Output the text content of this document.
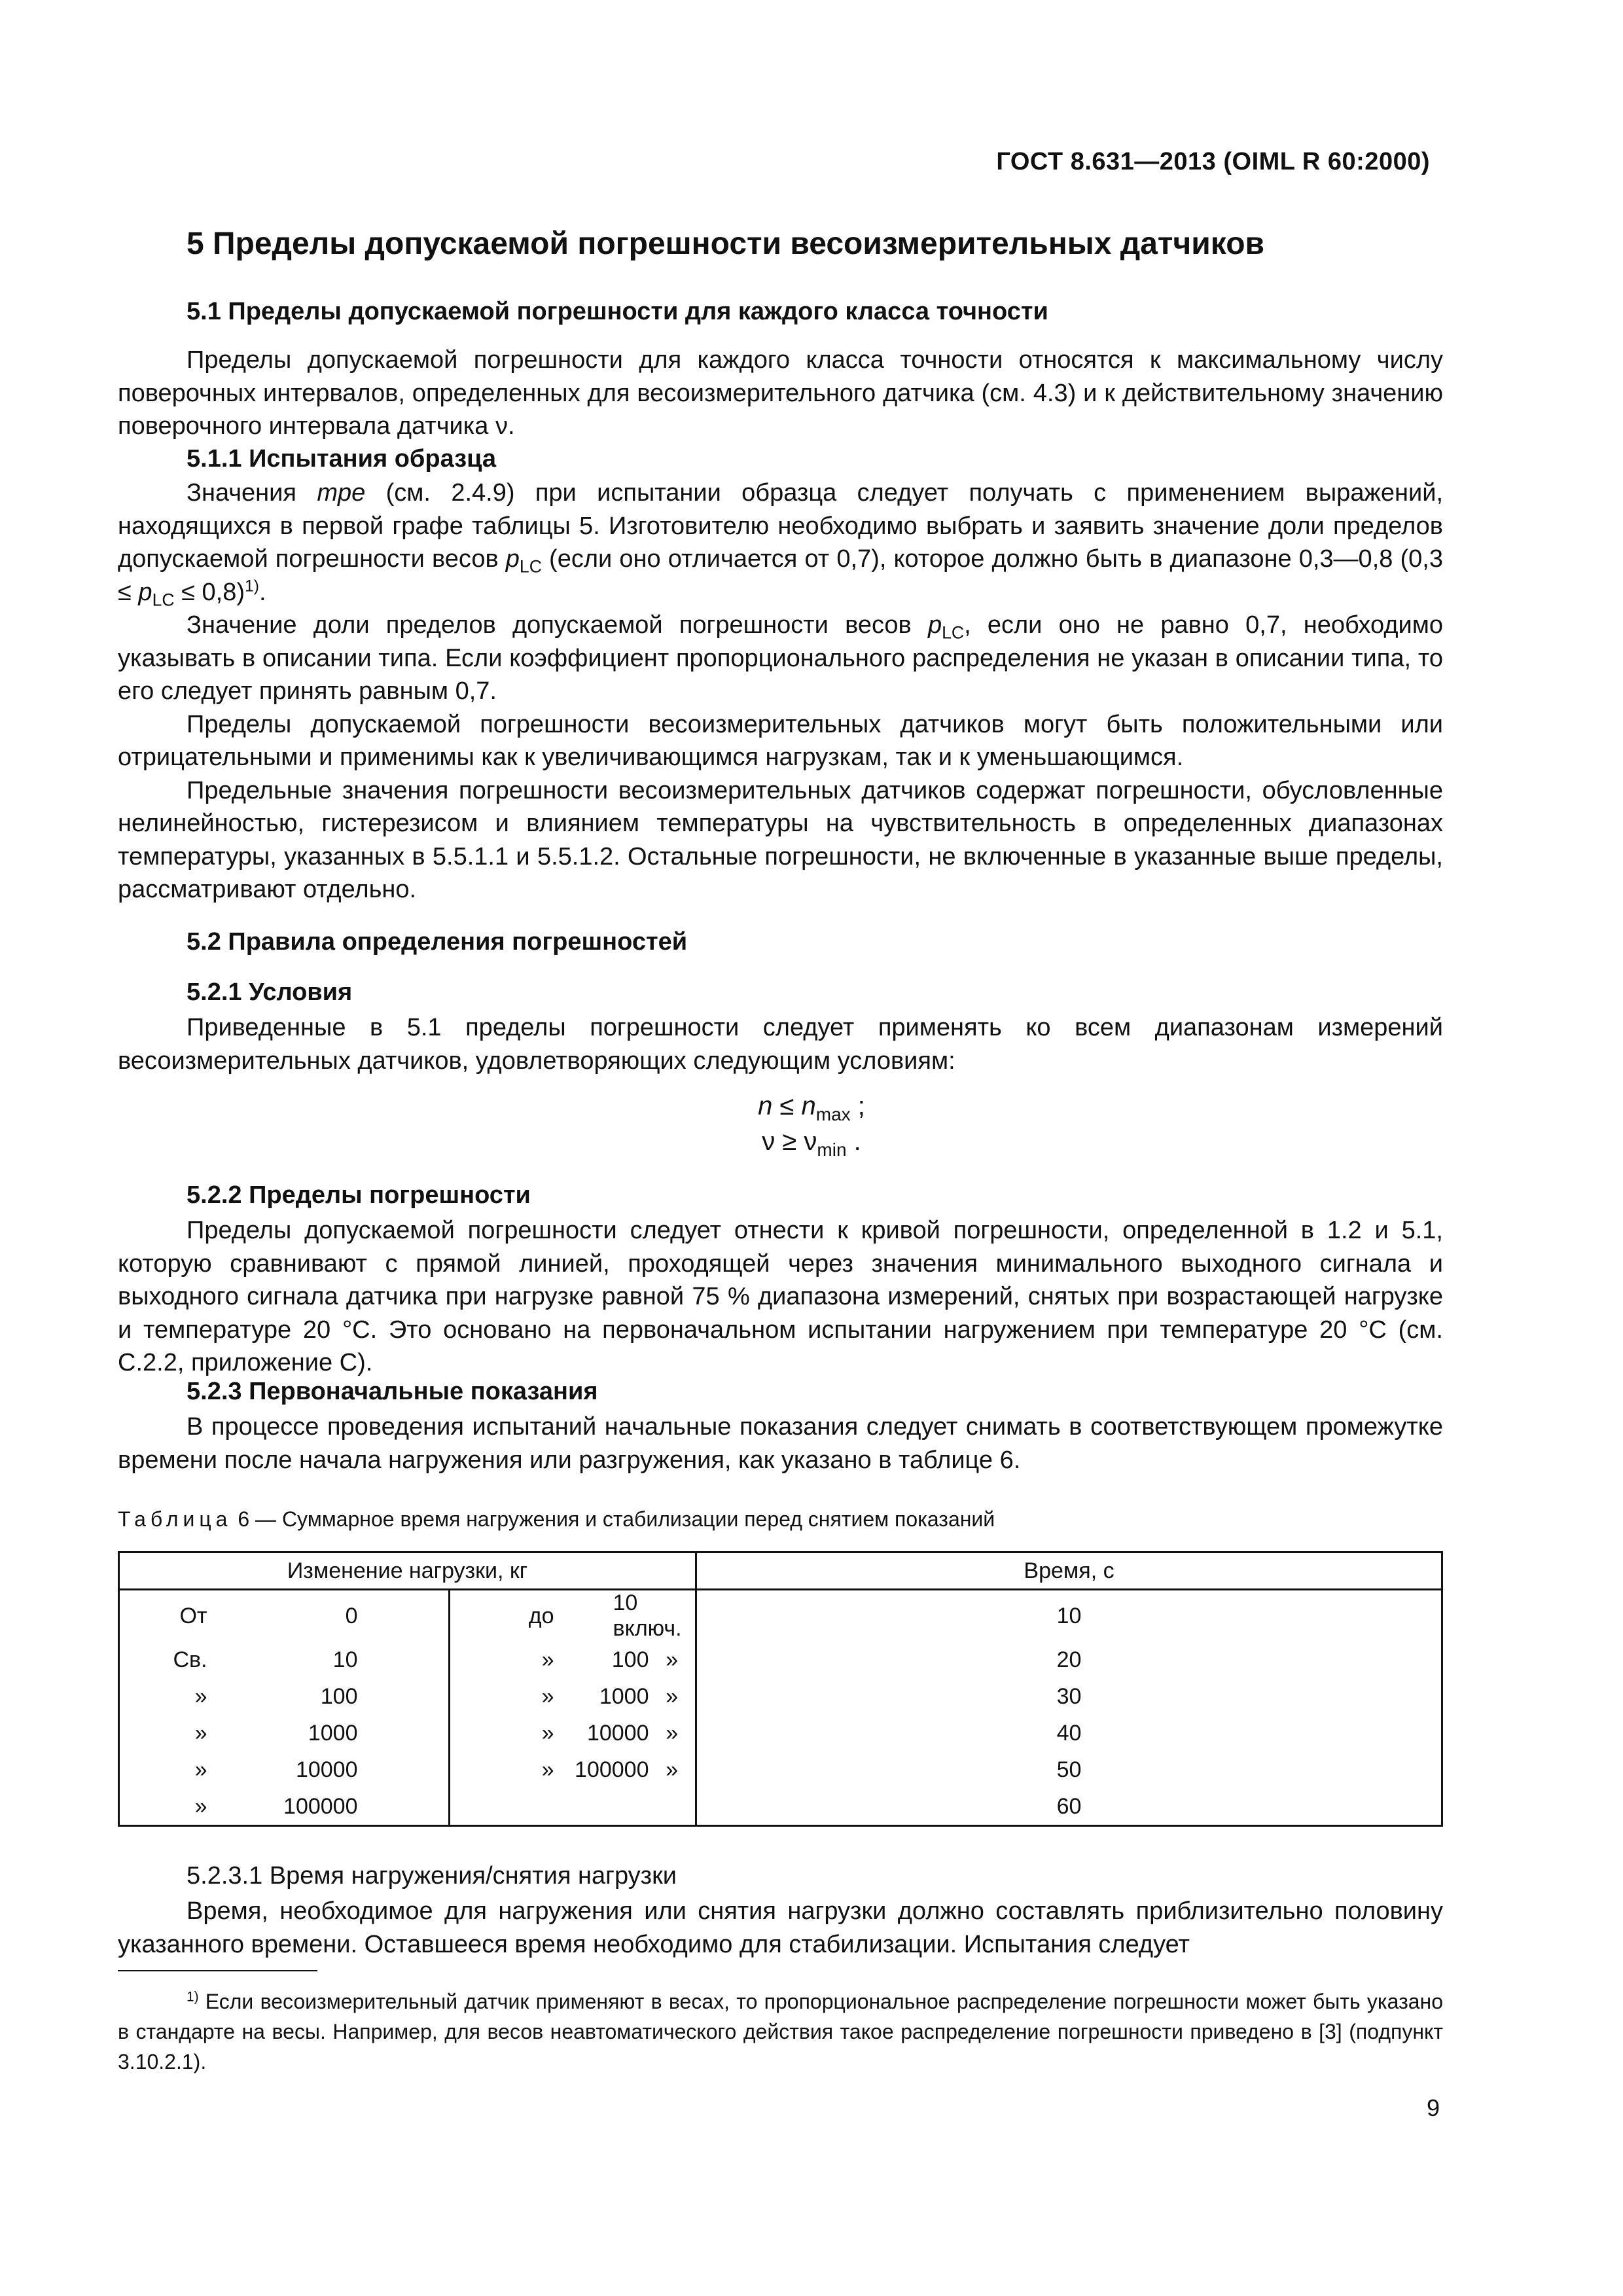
ГОСТ 8.631—2013 (OIML R 60:2000)
5 Пределы допускаемой погрешности весоизмерительных датчиков
5.1 Пределы допускаемой погрешности для каждого класса точности

Пределы допускаемой погрешности для каждого класса точности относятся к максимальному числу поверочных интервалов, определенных для весоизмерительного датчика (см. 4.3) и к действительному значению поверочного интервала датчика ν.

5.1.1 Испытания образца

Значения mpe (см. 2.4.9) при испытании образца следует получать с применением выражений, находящихся в первой графе таблицы 5. Изготовителю необходимо выбрать и заявить значение доли пределов допускаемой погрешности весов $p_{LC}$ (если оно отличается от 0,7), которое должно быть в диапазоне 0,3—0,8 $(0,3 \le p_{LC} \le 0,8)^{1)}$.

Значение доли пределов допускаемой погрешности весов $p_{LC}$, если оно не равно 0,7, необходимо указывать в описании типа. Если коэффициент пропорционального распределения не указан в описании типа, то его следует принять равным 0,7.

Пределы допускаемой погрешности весоизмерительных датчиков могут быть положительными или отрицательными и применимы как к увеличивающимся нагрузкам, так и к уменьшающимся.

Предельные значения погрешности весоизмерительных датчиков содержат погрешности, обусловленные нелинейностью, гистерезисом и влиянием температуры на чувствительность в определенных диапазонах температуры, указанных в 5.5.1.1 и 5.5.1.2. Остальные погрешности, не включенные в указанные выше пределы, рассматривают отдельно.

5.2 Правила определения погрешностей
5.2.1 Условия

Приведенные в 5.1 пределы погрешности следует применять ко всем диапазонам измерений весоизмерительных датчиков, удовлетворяющих следующим условиям:

$n \le n_{max}$ ;
$\nu \ge \nu_{min}$ .
5.2.2 Пределы погрешности

Пределы допускаемой погрешности следует отнести к кривой погрешности, определенной в 1.2 и 5.1, которую сравнивают с прямой линией, проходящей через значения минимального выходного сигнала и выходного сигнала датчика при нагрузке равной 75 % диапазона измерений, снятых при возрастающей нагрузке и температуре 20 °С. Это основано на первоначальном испытании нагружением при температуре 20 °С (см. С.2.2, приложение С).

5.2.3 Первоначальные показания

В процессе проведения испытаний начальные показания следует снимать в соответствующем промежутке времени после начала нагружения или разгружения, как указано в таблице 6.

Таблица 6 — Суммарное время нагружения и стабилизации перед снятием показаний
Изменение нагрузки, кг						Время, с
От	0		до	10 включ.		10
Св.	10		»	100	»	20
»	100		»	1000	»	30
»	1000		»	10000	»	40
»	10000		»	100000	»	50
»	100000					60
5.2.3.1 Время нагружения/снятия нагрузки

Время, необходимое для нагружения или снятия нагрузки должно составлять приблизительно половину указанного времени. Оставшееся время необходимо для стабилизации. Испытания следует

$^{1)}$ Если весоизмерительный датчик применяют в весах, то пропорциональное распределение погрешности может быть указано в стандарте на весы. Например, для весов неавтоматического действия такое распределение погрешности приведено в [3] (подпункт 3.10.2.1).

9
